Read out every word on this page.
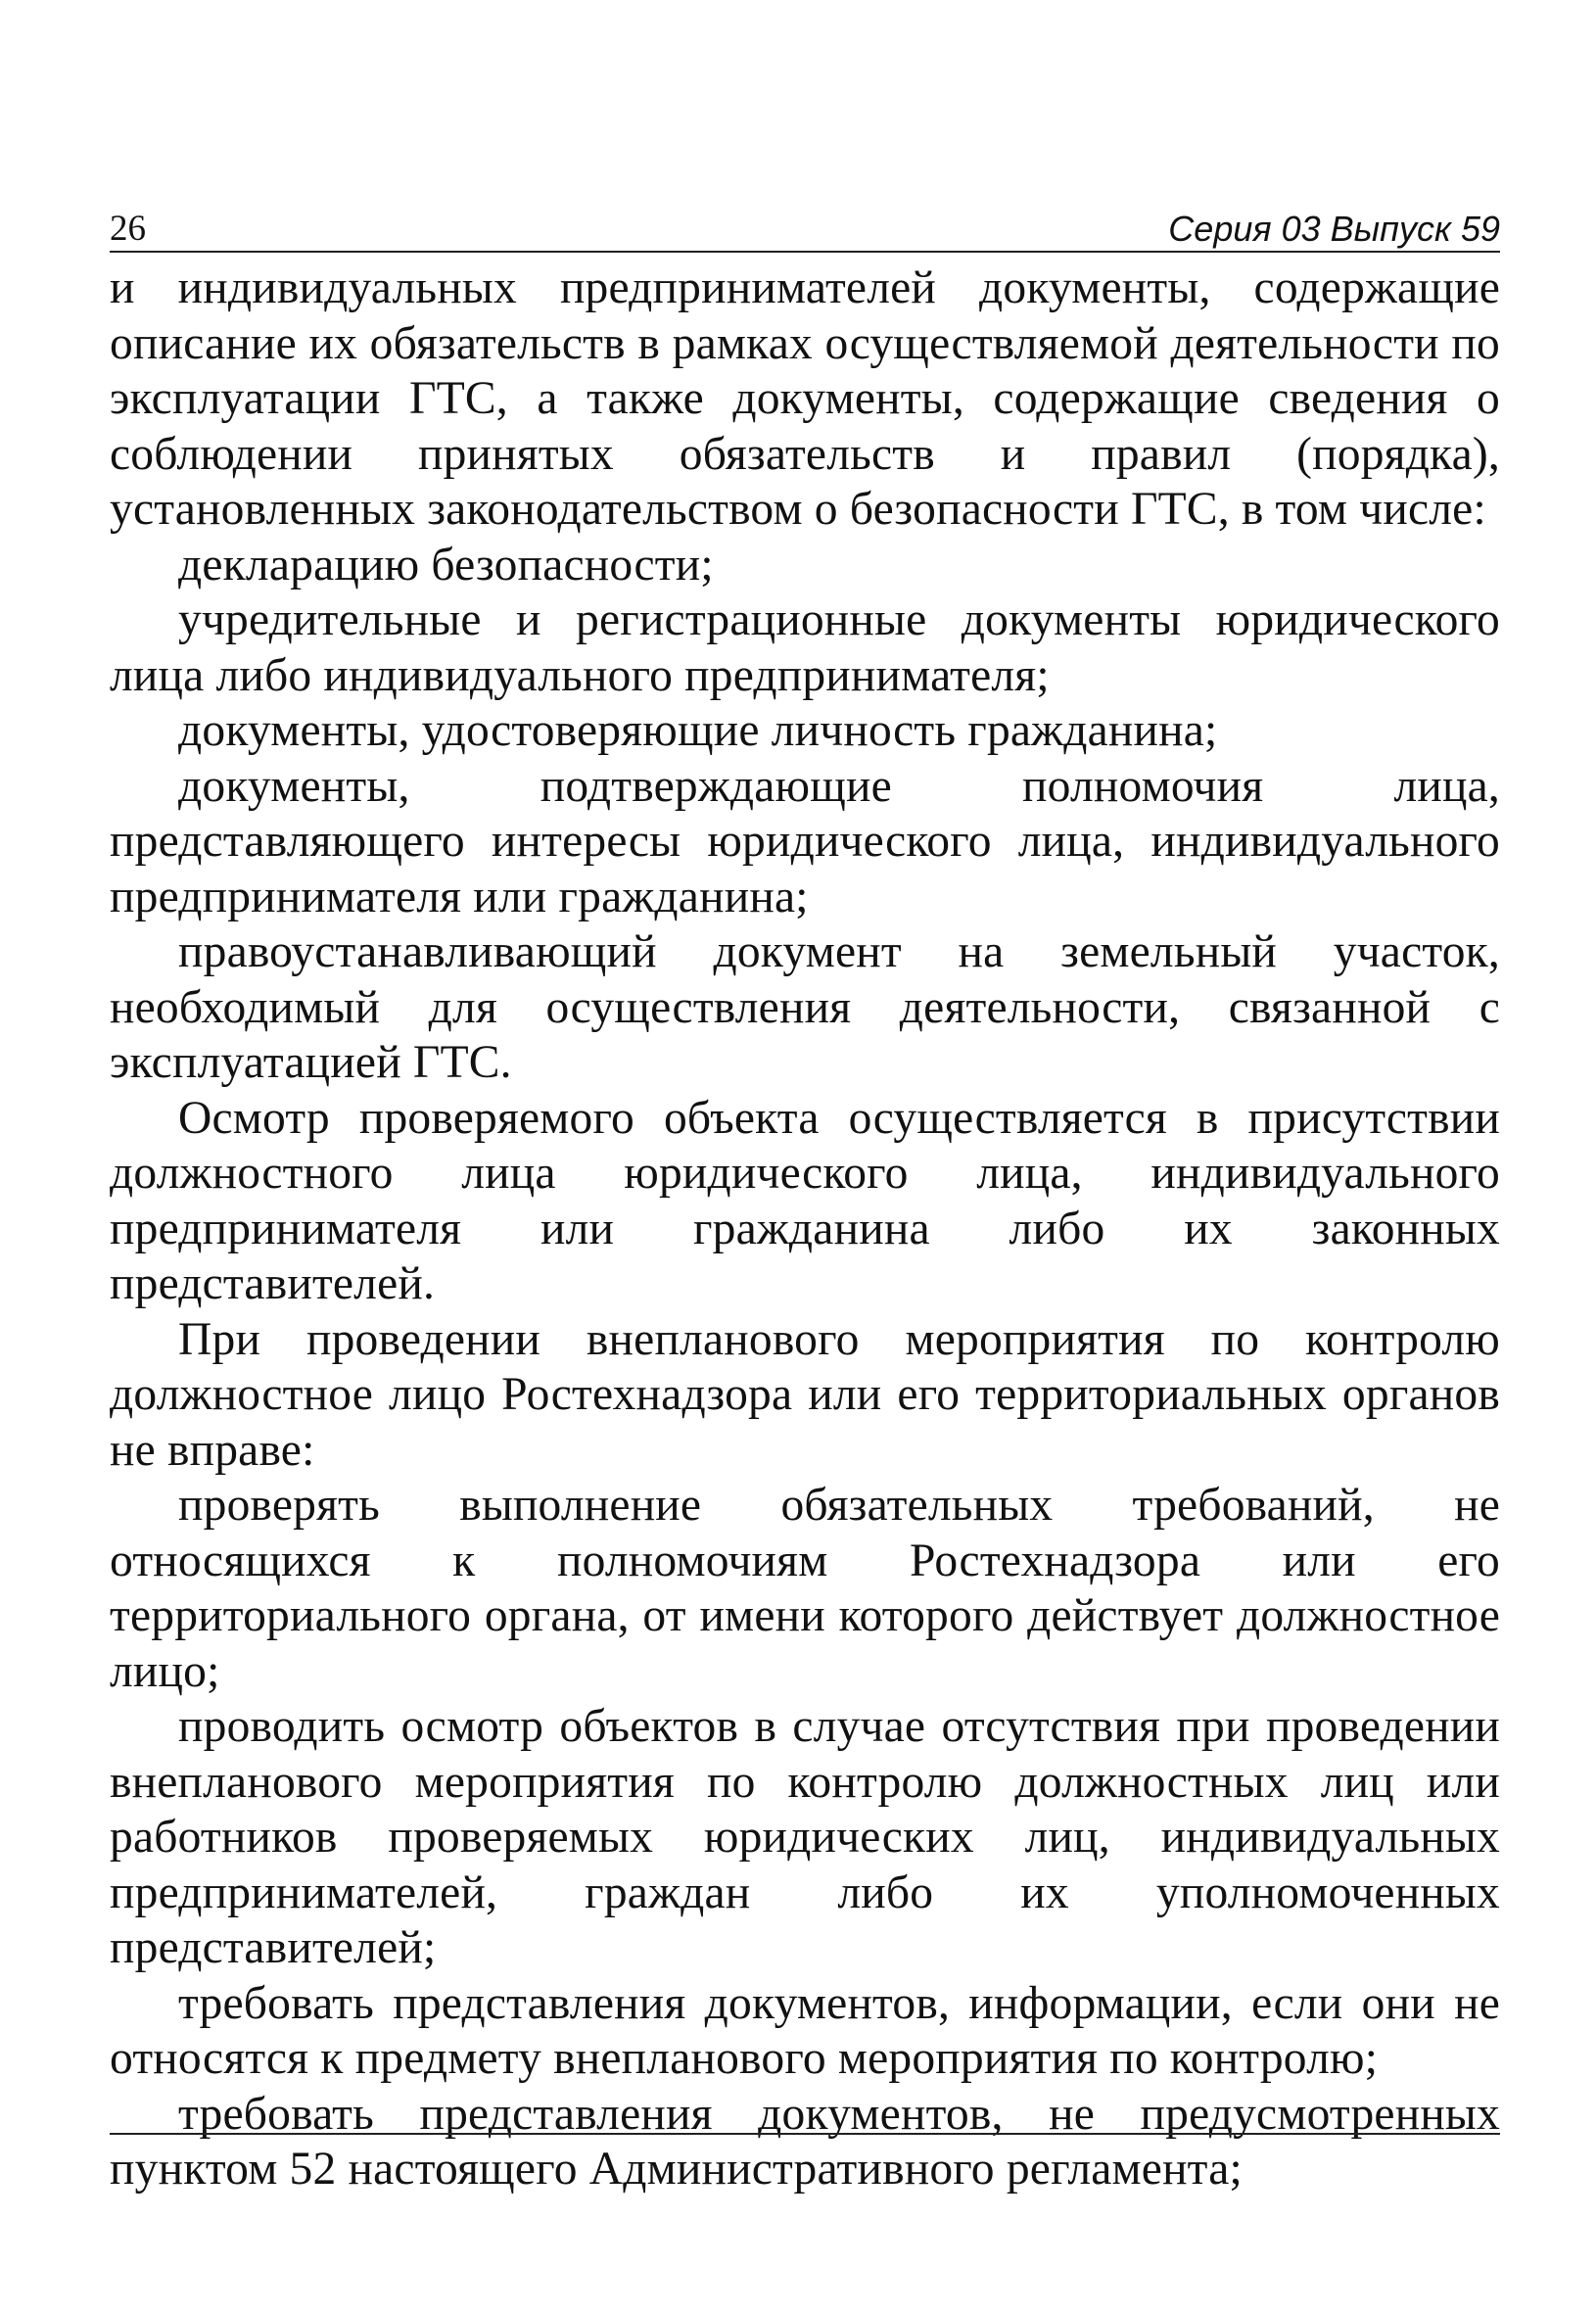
26	Серия 03 Выпуск 59

и индивидуальных предпринимателей документы, содержащие описание их обязательств в рамках осуществляемой деятельности по эксплуатации ГТС, а также документы, содержащие сведения о соблюдении принятых обязательств и правил (порядка), установленных законодательством о безопасности ГТС, в том числе:

декларацию безопасности;

учредительные и регистрационные документы юридического лица либо индивидуального предпринимателя;

документы, удостоверяющие личность гражданина;

документы, подтверждающие полномочия лица, представляющего интересы юридического лица, индивидуального предпринимателя или гражданина;

правоустанавливающий документ на земельный участок, необходимый для осуществления деятельности, связанной с эксплуатацией ГТС.

Осмотр проверяемого объекта осуществляется в присутствии должностного лица юридического лица, индивидуального предпринимателя или гражданина либо их законных представителей.

При проведении внепланового мероприятия по контролю должностное лицо Ростехнадзора или его территориальных органов не вправе:

проверять выполнение обязательных требований, не относящихся к полномочиям Ростехнадзора или его территориального органа, от имени которого действует должностное лицо;

проводить осмотр объектов в случае отсутствия при проведении внепланового мероприятия по контролю должностных лиц или работников проверяемых юридических лиц, индивидуальных предпринимателей, граждан либо их уполномоченных представителей;

требовать представления документов, информации, если они не относятся к предмету внепланового мероприятия по контролю;

требовать представления документов, не предусмотренных пунктом 52 настоящего Административного регламента;
